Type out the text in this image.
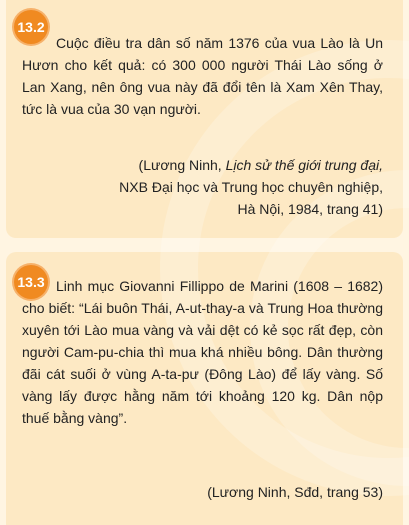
13.2
Cuộc điều tra dân số năm 1376 của vua Lào là Un Hươn cho kết quả: có 300 000 người Thái Lào sống ở Lan Xang, nên ông vua này đã đổi tên là Xam Xên Thay, tức là vua của 30 vạn người.
(Lương Ninh, Lịch sử thế giới trung đại,
NXB Đại học và Trung học chuyên nghiệp,
Hà Nội, 1984, trang 41)
13.3 Linh mục Giovanni Fillippo de Marini (1608 – 1682) cho biết: “Lái buôn Thái, A-ut-thay-a và Trung Hoa thường xuyên tới Lào mua vàng và vải dệt có kẻ sọc rất đẹp, còn người Cam-pu-chia thì mua khá nhiều bông. Dân thường đãi cát suối ở vùng A-ta-pư (Đông Lào) để lấy vàng. Số vàng lấy được hằng năm tới khoảng 120 kg. Dân nộp thuế bằng vàng”.
(Lương Ninh, Sđd, trang 53)
